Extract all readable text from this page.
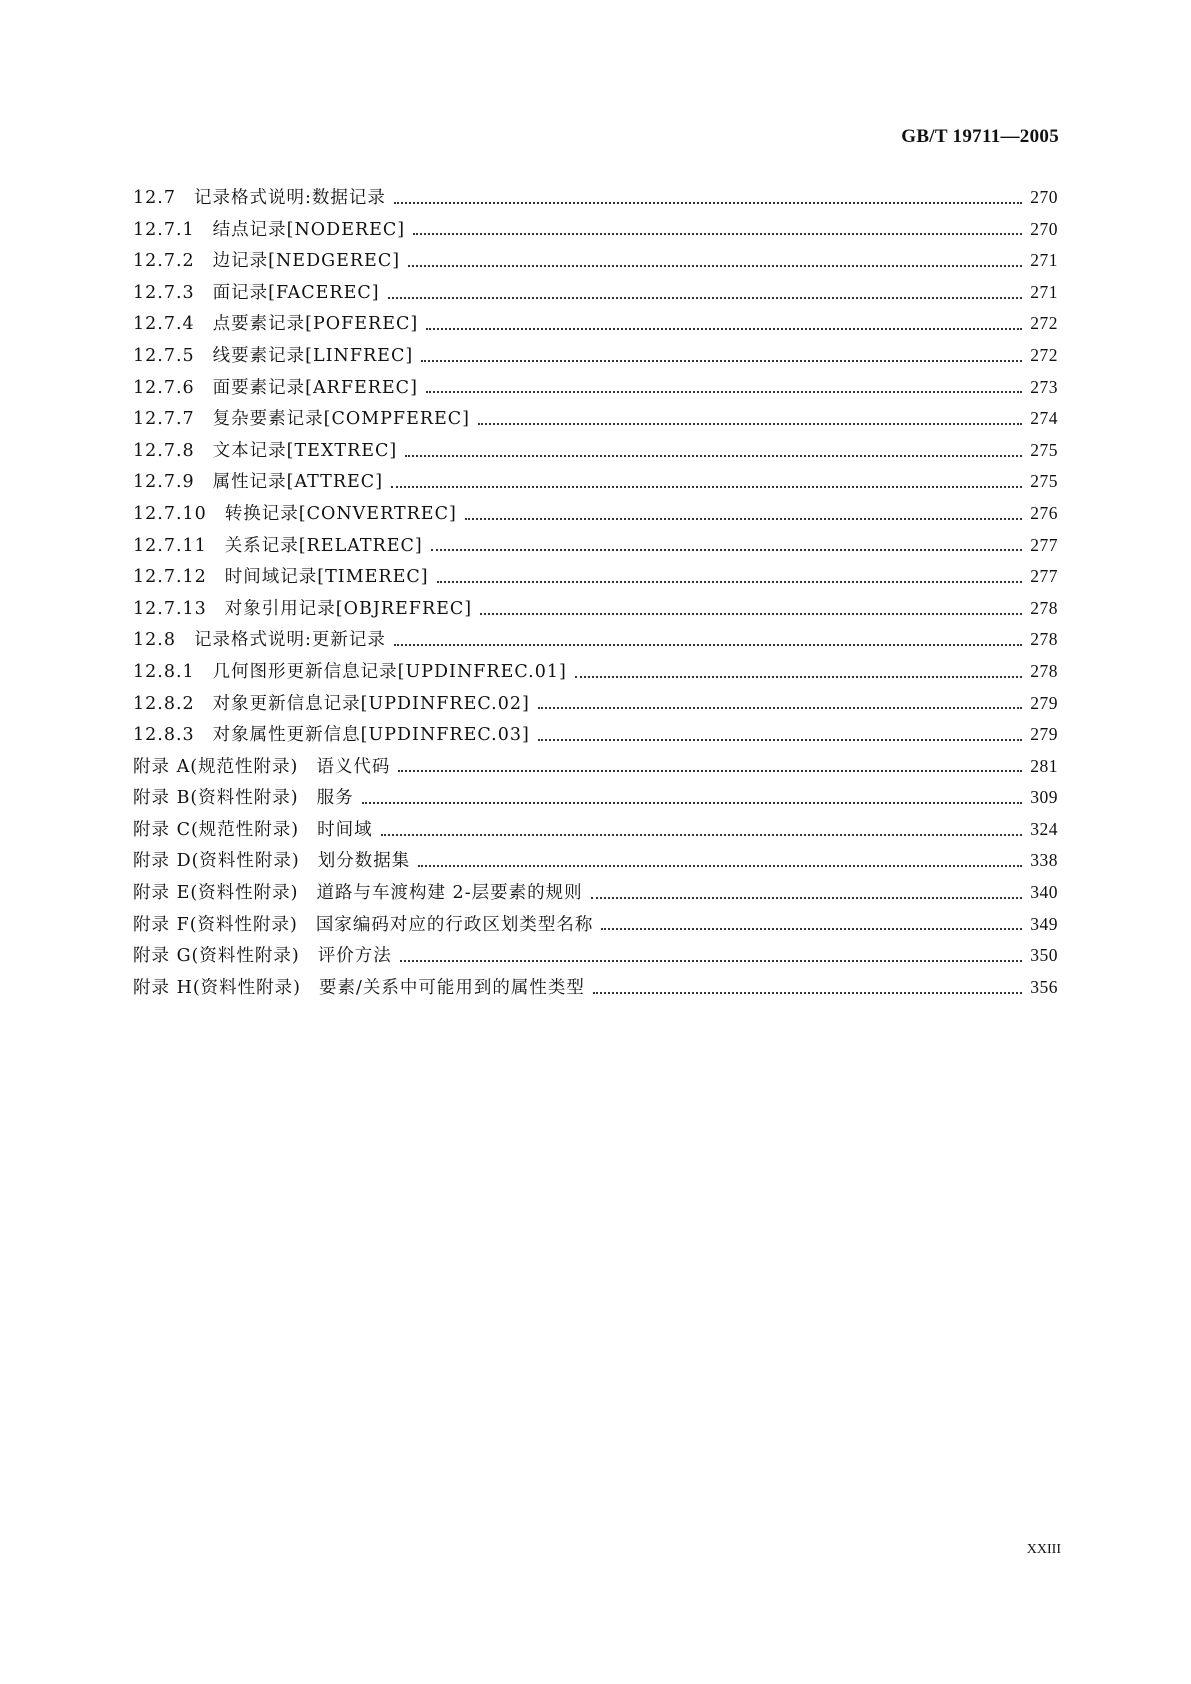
GB/T 19711—2005
12.7	记录格式说明:数据记录	270
12.7.1	结点记录[NODEREC]	270
12.7.2	边记录[NEDGEREC]	271
12.7.3	面记录[FACEREC]	271
12.7.4	点要素记录[POFEREC]	272
12.7.5	线要素记录[LINFREC]	272
12.7.6	面要素记录[ARFEREC]	273
12.7.7	复杂要素记录[COMPFEREC]	274
12.7.8	文本记录[TEXTREC]	275
12.7.9	属性记录[ATTREC]	275
12.7.10	转换记录[CONVERTREC]	276
12.7.11	关系记录[RELATREC]	277
12.7.12	时间域记录[TIMEREC]	277
12.7.13	对象引用记录[OBJREFREC]	278
12.8	记录格式说明:更新记录	278
12.8.1	几何图形更新信息记录[UPDINFREC.01]	278
12.8.2	对象更新信息记录[UPDINFREC.02]	279
12.8.3	对象属性更新信息[UPDINFREC.03]	279
附录 A(规范性附录)	语义代码	281
附录 B(资料性附录)	服务	309
附录 C(规范性附录)	时间域	324
附录 D(资料性附录)	划分数据集	338
附录 E(资料性附录)	道路与车渡构建 2-层要素的规则	340
附录 F(资料性附录)	国家编码对应的行政区划类型名称	349
附录 G(资料性附录)	评价方法	350
附录 H(资料性附录)	要素/关系中可能用到的属性类型	356
XXIII
